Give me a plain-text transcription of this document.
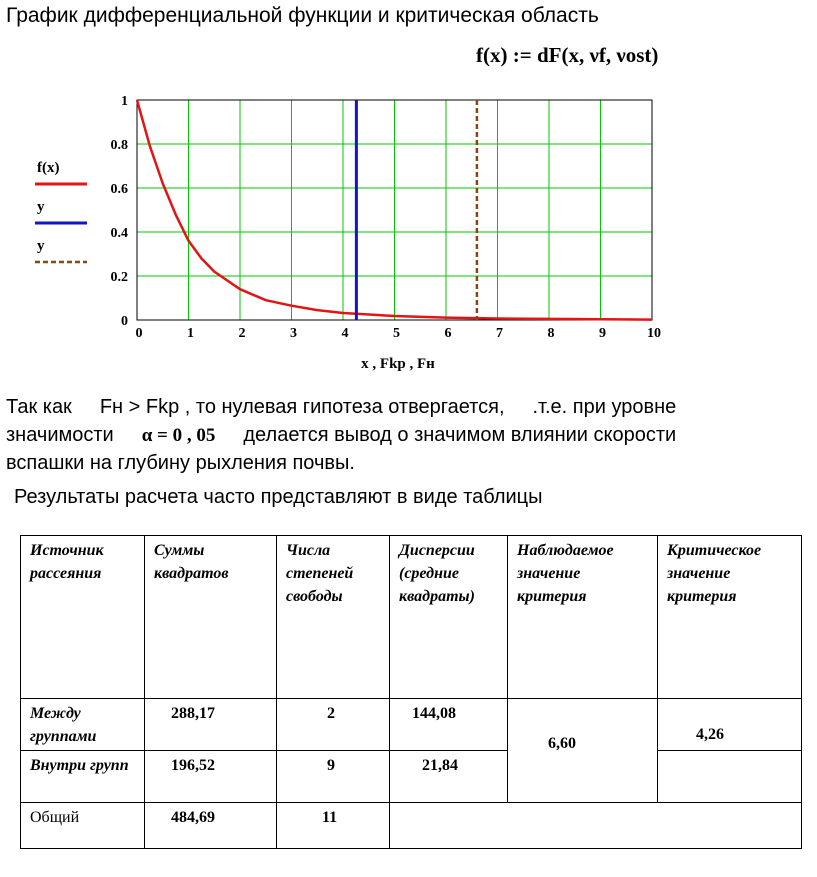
График дифференциальной функции и критическая область
f(x) := dF(x, νf, νost)
0	1	2	3	4	5	6	7	8	9	10
0
0.2
0.4
0.6
0.8
1
f(x)
y
y
x , Fkp , Fн
Так как Fн > Fkp , то нулевая гипотеза отвергается, .т.е. при уровне
значимости α = 0 , 05 делается вывод о значимом влиянии скорости
вспашки на глубину рыхления почвы.
Результаты расчета часто представляют в виде таблицы
Источник рассеяния	Суммы квадратов	Числа степеней свободы	Дисперсии (средние квадраты)	Наблюдаемое значение критерия	Критическое значение критерия
Между группами	288,17	2	144,08	6,60	4,26
Внутри групп	196,52	9	21,84		
Общий	484,69	11			
